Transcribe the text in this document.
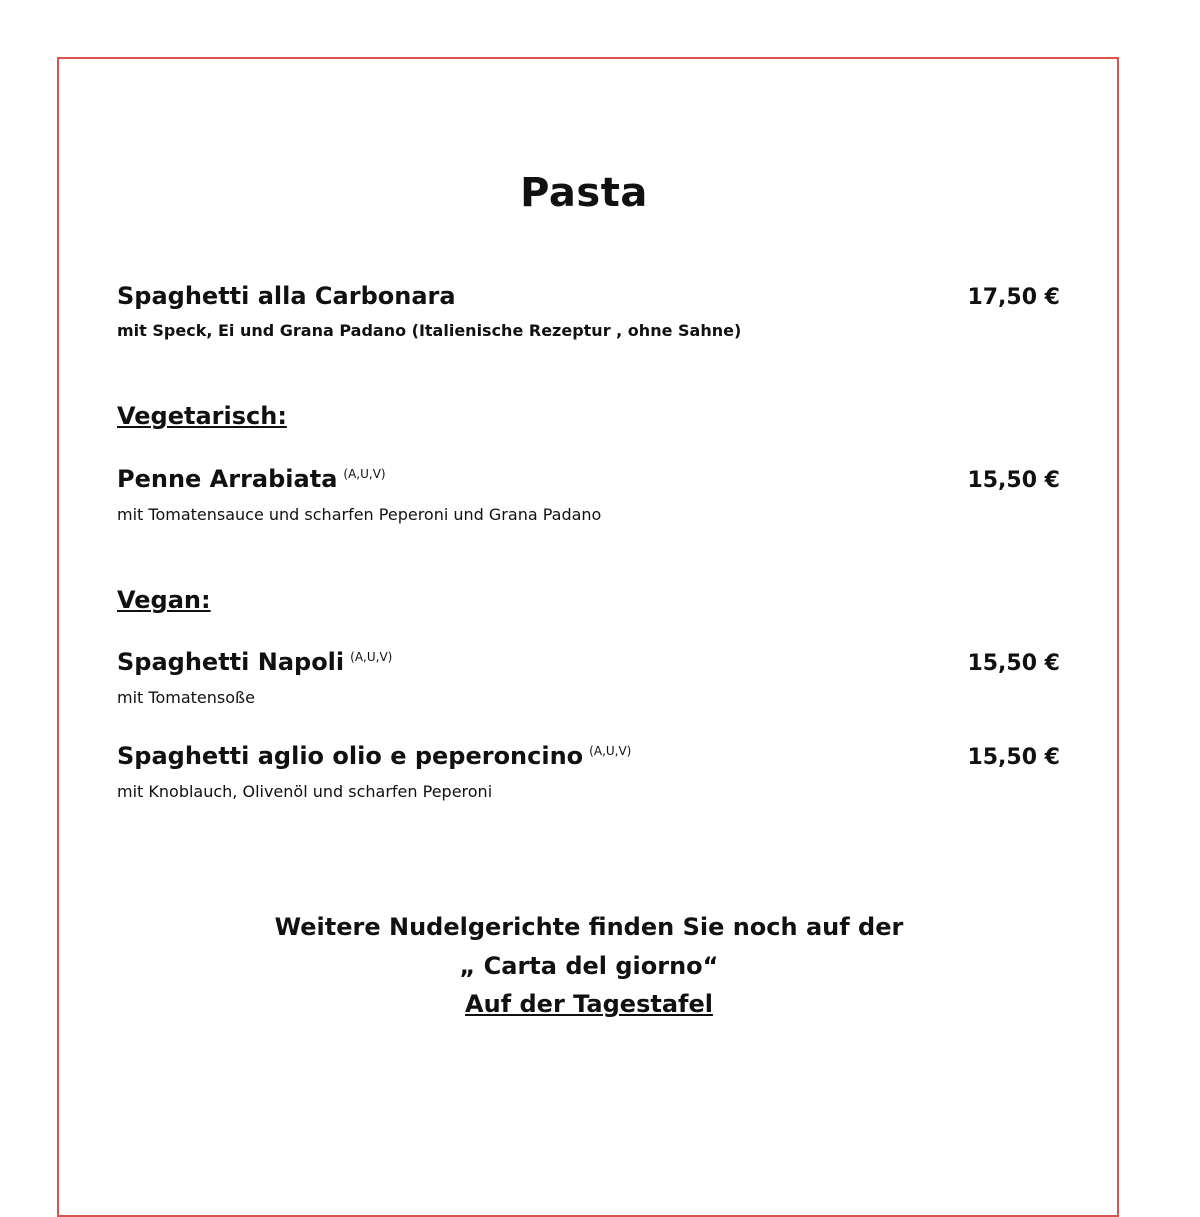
Pasta
Spaghetti alla Carbonara	17,50 €
mit Speck, Ei und Grana Padano (Italienische Rezeptur , ohne Sahne)
Vegetarisch:
Penne Arrabiata $^{(A,U,V)}$	15,50 €
mit Tomatensauce und scharfen Peperoni und Grana Padano
Vegan:
Spaghetti Napoli $^{(A,U,V)}$	15,50 €
mit Tomatensoße
Spaghetti aglio olio e peperoncino $^{(A,U,V)}$	15,50 €
mit Knoblauch, Olivenöl und scharfen Peperoni
Weitere Nudelgerichte finden Sie noch auf der
„ Carta del giorno“
Auf der Tagestafel
